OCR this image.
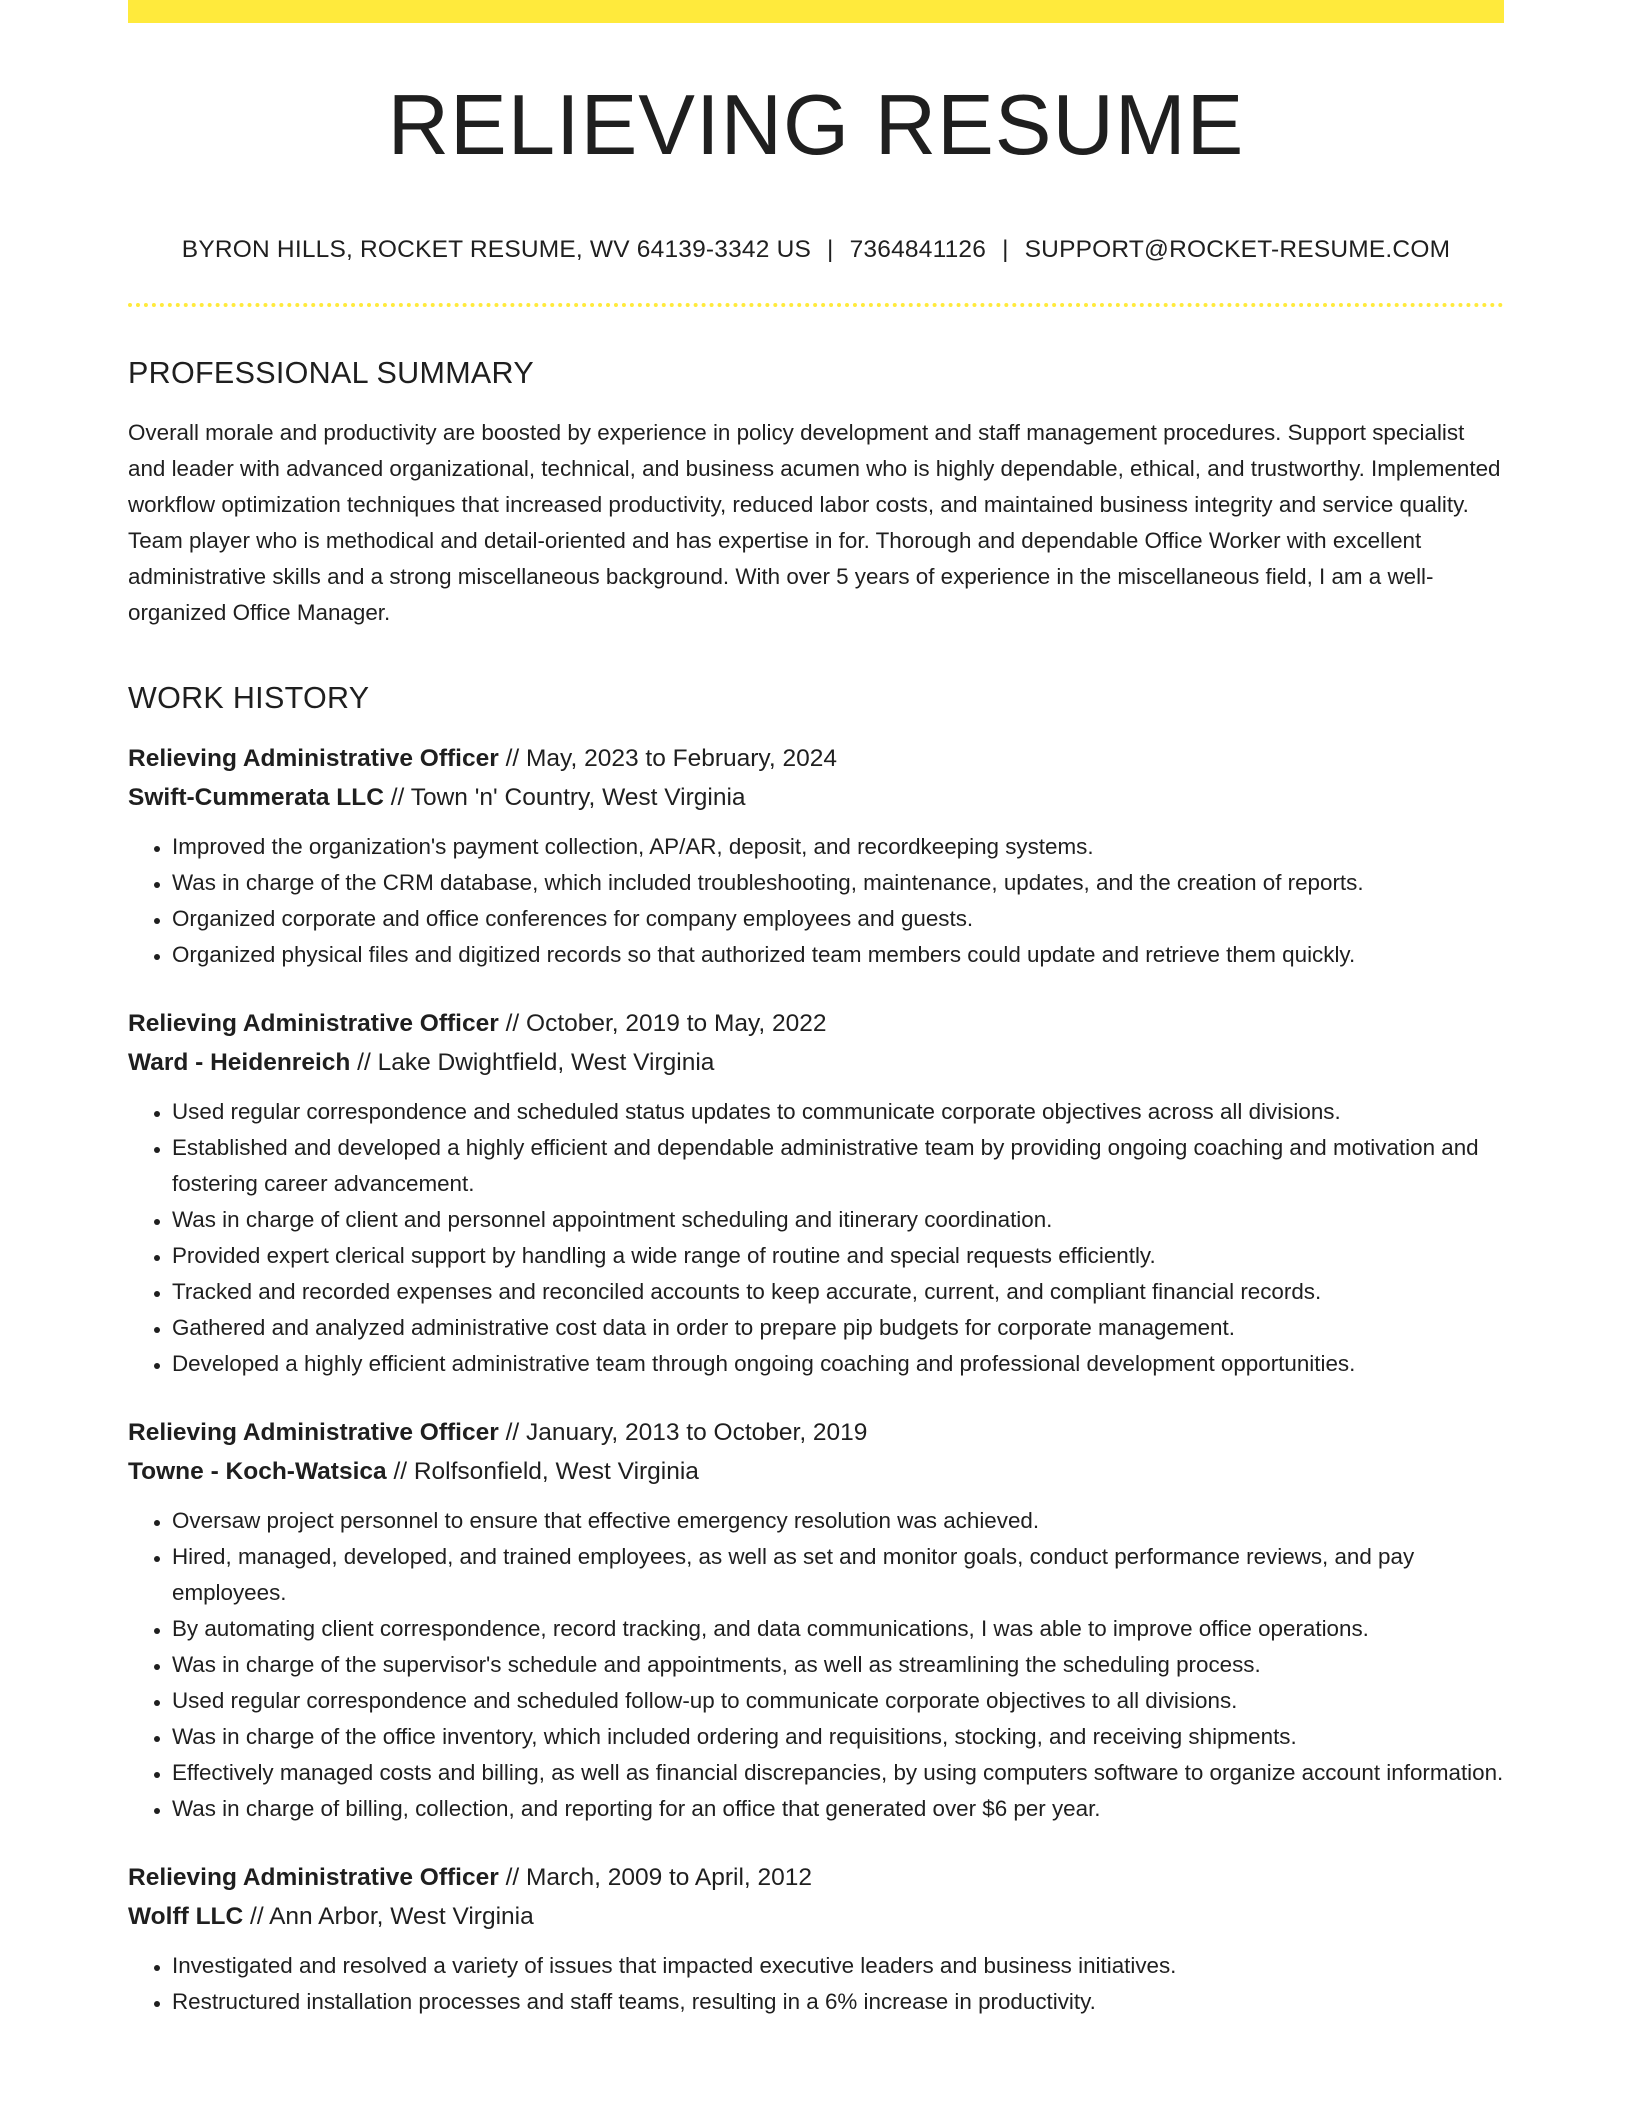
RELIEVING RESUME
BYRON HILLS, ROCKET RESUME, WV 64139-3342 US | 7364841126 | SUPPORT@ROCKET-RESUME.COM
PROFESSIONAL SUMMARY

Overall morale and productivity are boosted by experience in policy development and staff management procedures. Support specialist and leader with advanced organizational, technical, and business acumen who is highly dependable, ethical, and trustworthy. Implemented workflow optimization techniques that increased productivity, reduced labor costs, and maintained business integrity and service quality. Team player who is methodical and detail-oriented and has expertise in for. Thorough and dependable Office Worker with excellent administrative skills and a strong miscellaneous background. With over 5 years of experience in the miscellaneous field, I am a well-organized Office Manager.

WORK HISTORY
Relieving Administrative Officer // May, 2023 to February, 2024
Swift-Cummerata LLC // Town 'n' Country, West Virginia
• Improved the organization's payment collection, AP/AR, deposit, and recordkeeping systems.
• Was in charge of the CRM database, which included troubleshooting, maintenance, updates, and the creation of reports.
• Organized corporate and office conferences for company employees and guests.
• Organized physical files and digitized records so that authorized team members could update and retrieve them quickly.
Relieving Administrative Officer // October, 2019 to May, 2022
Ward - Heidenreich // Lake Dwightfield, West Virginia
• Used regular correspondence and scheduled status updates to communicate corporate objectives across all divisions.
• Established and developed a highly efficient and dependable administrative team by providing ongoing coaching and motivation and fostering career advancement.
• Was in charge of client and personnel appointment scheduling and itinerary coordination.
• Provided expert clerical support by handling a wide range of routine and special requests efficiently.
• Tracked and recorded expenses and reconciled accounts to keep accurate, current, and compliant financial records.
• Gathered and analyzed administrative cost data in order to prepare pip budgets for corporate management.
• Developed a highly efficient administrative team through ongoing coaching and professional development opportunities.
Relieving Administrative Officer // January, 2013 to October, 2019
Towne - Koch-Watsica // Rolfsonfield, West Virginia
• Oversaw project personnel to ensure that effective emergency resolution was achieved.
• Hired, managed, developed, and trained employees, as well as set and monitor goals, conduct performance reviews, and pay employees.
• By automating client correspondence, record tracking, and data communications, I was able to improve office operations.
• Was in charge of the supervisor's schedule and appointments, as well as streamlining the scheduling process.
• Used regular correspondence and scheduled follow-up to communicate corporate objectives to all divisions.
• Was in charge of the office inventory, which included ordering and requisitions, stocking, and receiving shipments.
• Effectively managed costs and billing, as well as financial discrepancies, by using computers software to organize account information.
• Was in charge of billing, collection, and reporting for an office that generated over $6 per year.
Relieving Administrative Officer // March, 2009 to April, 2012
Wolff LLC // Ann Arbor, West Virginia
• Investigated and resolved a variety of issues that impacted executive leaders and business initiatives.
• Restructured installation processes and staff teams, resulting in a 6% increase in productivity.
